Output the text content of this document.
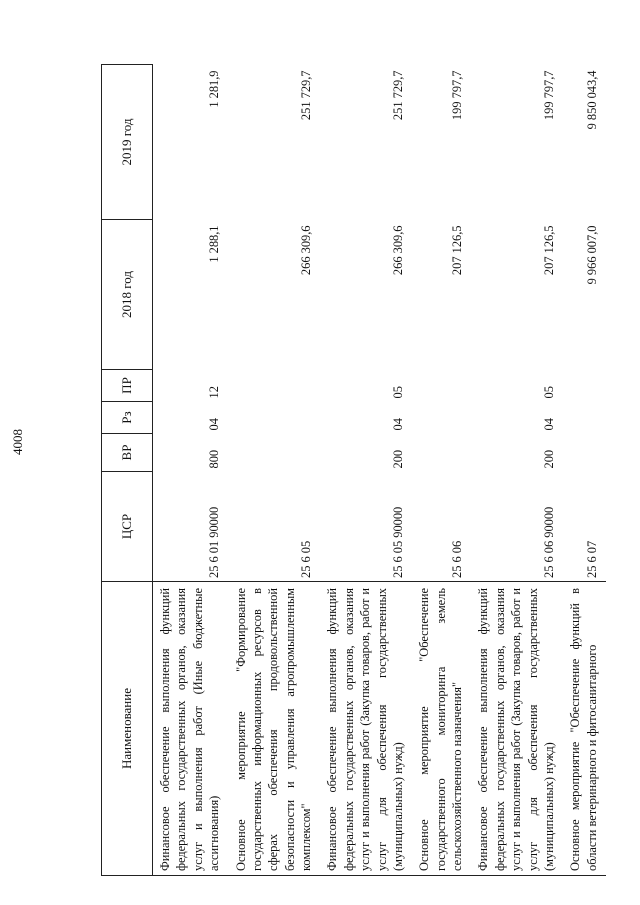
4008
Наименование	ЦСР	ВР	Рз	ПР	2018 год	2019 год
Финансовое обеспечение выполнения функций федеральных государственных органов, оказания услуг и выполнения работ (Иные бюджетные ассигнования)	25 6 01 90000	800	04	12	1 288,1	1 281,9
Основное мероприятие "Формирование государственных информационных ресурсов в сферах обеспечения продовольственной безопасности и управления агропромышленным комплексом"	25 6 05				266 309,6	251 729,7
Финансовое обеспечение выполнения функций федеральных государственных органов, оказания услуг и выполнения работ (Закупка товаров, работ и услуг для обеспечения государственных (муниципальных) нужд)	25 6 05 90000	200	04	05	266 309,6	251 729,7
Основное мероприятие "Обеспечение государственного мониторинга земель сельскохозяйственного назначения"	25 6 06				207 126,5	199 797,7
Финансовое обеспечение выполнения функций федеральных государственных органов, оказания услуг и выполнения работ (Закупка товаров, работ и услуг для обеспечения государственных (муниципальных) нужд)	25 6 06 90000	200	04	05	207 126,5	199 797,7
Основное мероприятие "Обеспечение функций в области ветеринарного и фитосанитарного	25 6 07				9 966 007,0	9 850 043,4
